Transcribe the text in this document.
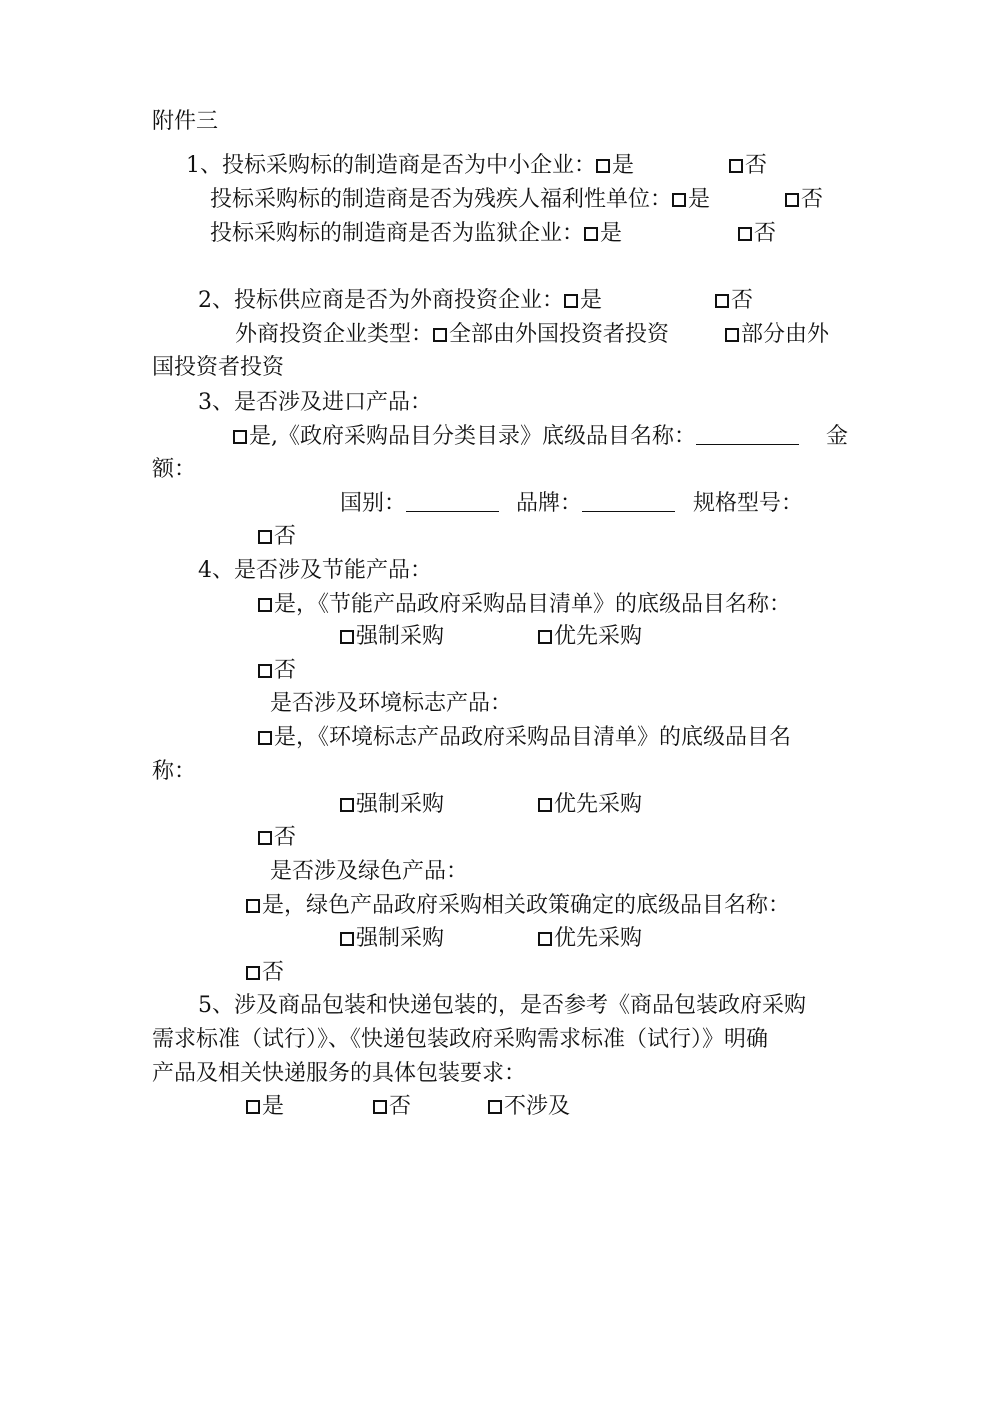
附件三
1、投标采购标的制造商是否为中小企业： 是	否
投标采购标的制造商是否为残疾人福利性单位： 是	否
投标采购标的制造商是否为监狱企业： 是	否
2、投标供应商是否为外商投资企业： 是	否
外商投资企业类型： 全部由外国投资者投资	部分由外
国投资者投资
3、是否涉及进口产品：
是,《政府采购品目分类目录》底级品目名称：	金
额：
国别：	品牌：	规格型号：
否
4、是否涉及节能产品：
是，《节能产品政府采购品目清单》的底级品目名称：
强制采购	优先采购
否
是否涉及环境标志产品：
是，《环境标志产品政府采购品目清单》的底级品目名
称：
强制采购	优先采购
否
是否涉及绿色产品：
是，绿色产品政府采购相关政策确定的底级品目名称：
强制采购	优先采购
否
5、涉及商品包装和快递包装的，是否参考《商品包装政府采购
需求标准（试行）》、《快递包装政府采购需求标准（试行）》明确
产品及相关快递服务的具体包装要求：
是	否	不涉及
